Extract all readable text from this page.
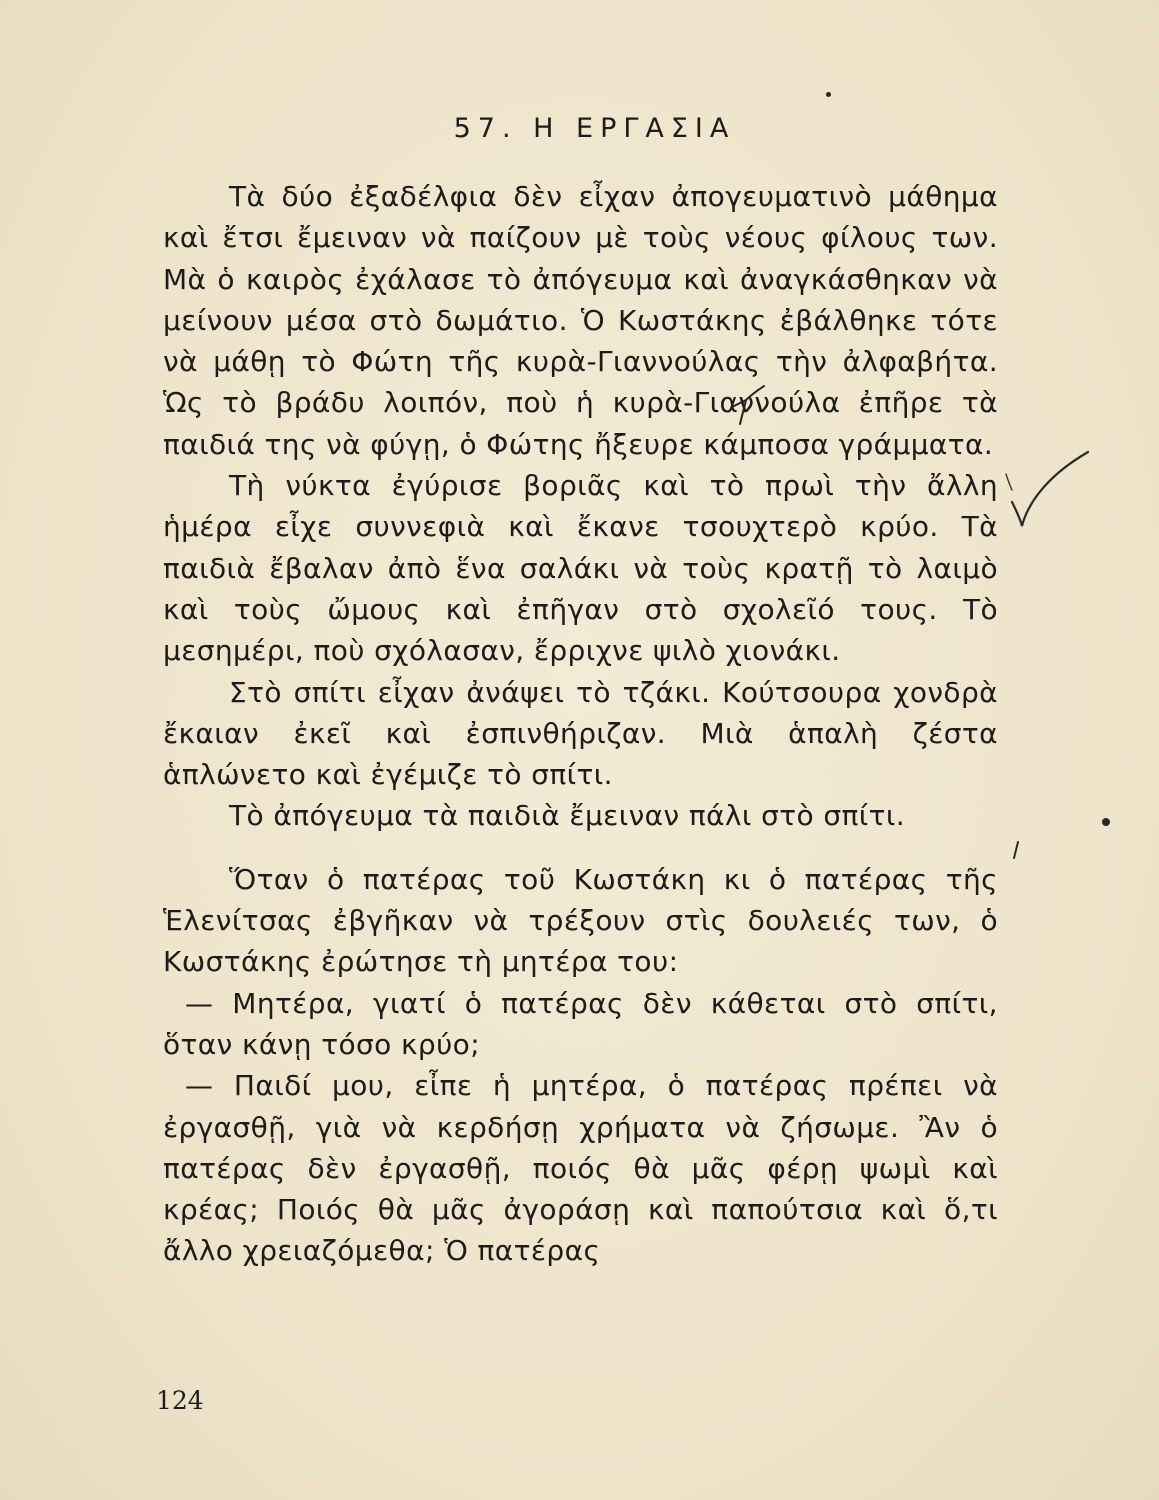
57. Η ΕΡΓΑΣΙΑ

Τὰ δύο ἐξαδέλφια δὲν εἶχαν ἀπογευματινὸ μάθημα καὶ ἔτσι ἔμειναν νὰ παίζουν μὲ τοὺς νέους φίλους των. Μὰ ὁ καιρὸς ἐχάλασε τὸ ἀπόγευμα καὶ ἀναγκάσθηκαν νὰ μείνουν μέσα στὸ δωμάτιο. Ὁ Κωστάκης ἐβάλθηκε τότε νὰ μάθῃ τὸ Φώτη τῆς κυρὰ-Γιαννούλας τὴν ἀλφαβήτα. Ὡς τὸ βράδυ λοιπόν, ποὺ ἡ κυρὰ-Γιαννούλα ἐπῆρε τὰ παιδιά της νὰ φύγῃ, ὁ Φώτης ἤξευρε κάμποσα γράμματα.

Τὴ νύκτα ἐγύρισε βοριᾶς καὶ τὸ πρωὶ τὴν ἄλλη ἡμέρα εἶχε συννεφιὰ καὶ ἔκανε τσουχτερὸ κρύο. Τὰ παιδιὰ ἔβαλαν ἀπὸ ἕνα σαλάκι νὰ τοὺς κρατῇ τὸ λαιμὸ καὶ τοὺς ὤμους καὶ ἐπῆγαν στὸ σχολεῖό τους. Τὸ μεσημέρι, ποὺ σχόλασαν, ἔρριχνε ψιλὸ χιονάκι.

Στὸ σπίτι εἶχαν ἀνάψει τὸ τζάκι. Κούτσουρα χονδρὰ ἔκαιαν ἐκεῖ καὶ ἐσπινθήριζαν. Μιὰ ἁπαλὴ ζέστα ἁπλώνετο καὶ ἐγέμιζε τὸ σπίτι.

Τὸ ἀπόγευμα τὰ παιδιὰ ἔμειναν πάλι στὸ σπίτι.

Ὅταν ὁ πατέρας τοῦ Κωστάκη κι ὁ πατέρας τῆς Ἑλενίτσας ἐβγῆκαν νὰ τρέξουν στὶς δουλειές των, ὁ Κωστάκης ἐρώτησε τὴ μητέρα του:

— Μητέρα, γιατί ὁ πατέρας δὲν κάθεται στὸ σπίτι, ὅταν κάνῃ τόσο κρύο;

— Παιδί μου, εἶπε ἡ μητέρα, ὁ πατέρας πρέπει νὰ ἐργασθῇ, γιὰ νὰ κερδήσῃ χρήματα νὰ ζήσωμε. Ἂν ὁ πατέρας δὲν ἐργασθῇ, ποιός θὰ μᾶς φέρῃ ψωμὶ καὶ κρέας; Ποιός θὰ μᾶς ἀγοράσῃ καὶ παπούτσια καὶ ὅ,τι ἄλλο χρειαζόμεθα; Ὁ πατέρας

124
